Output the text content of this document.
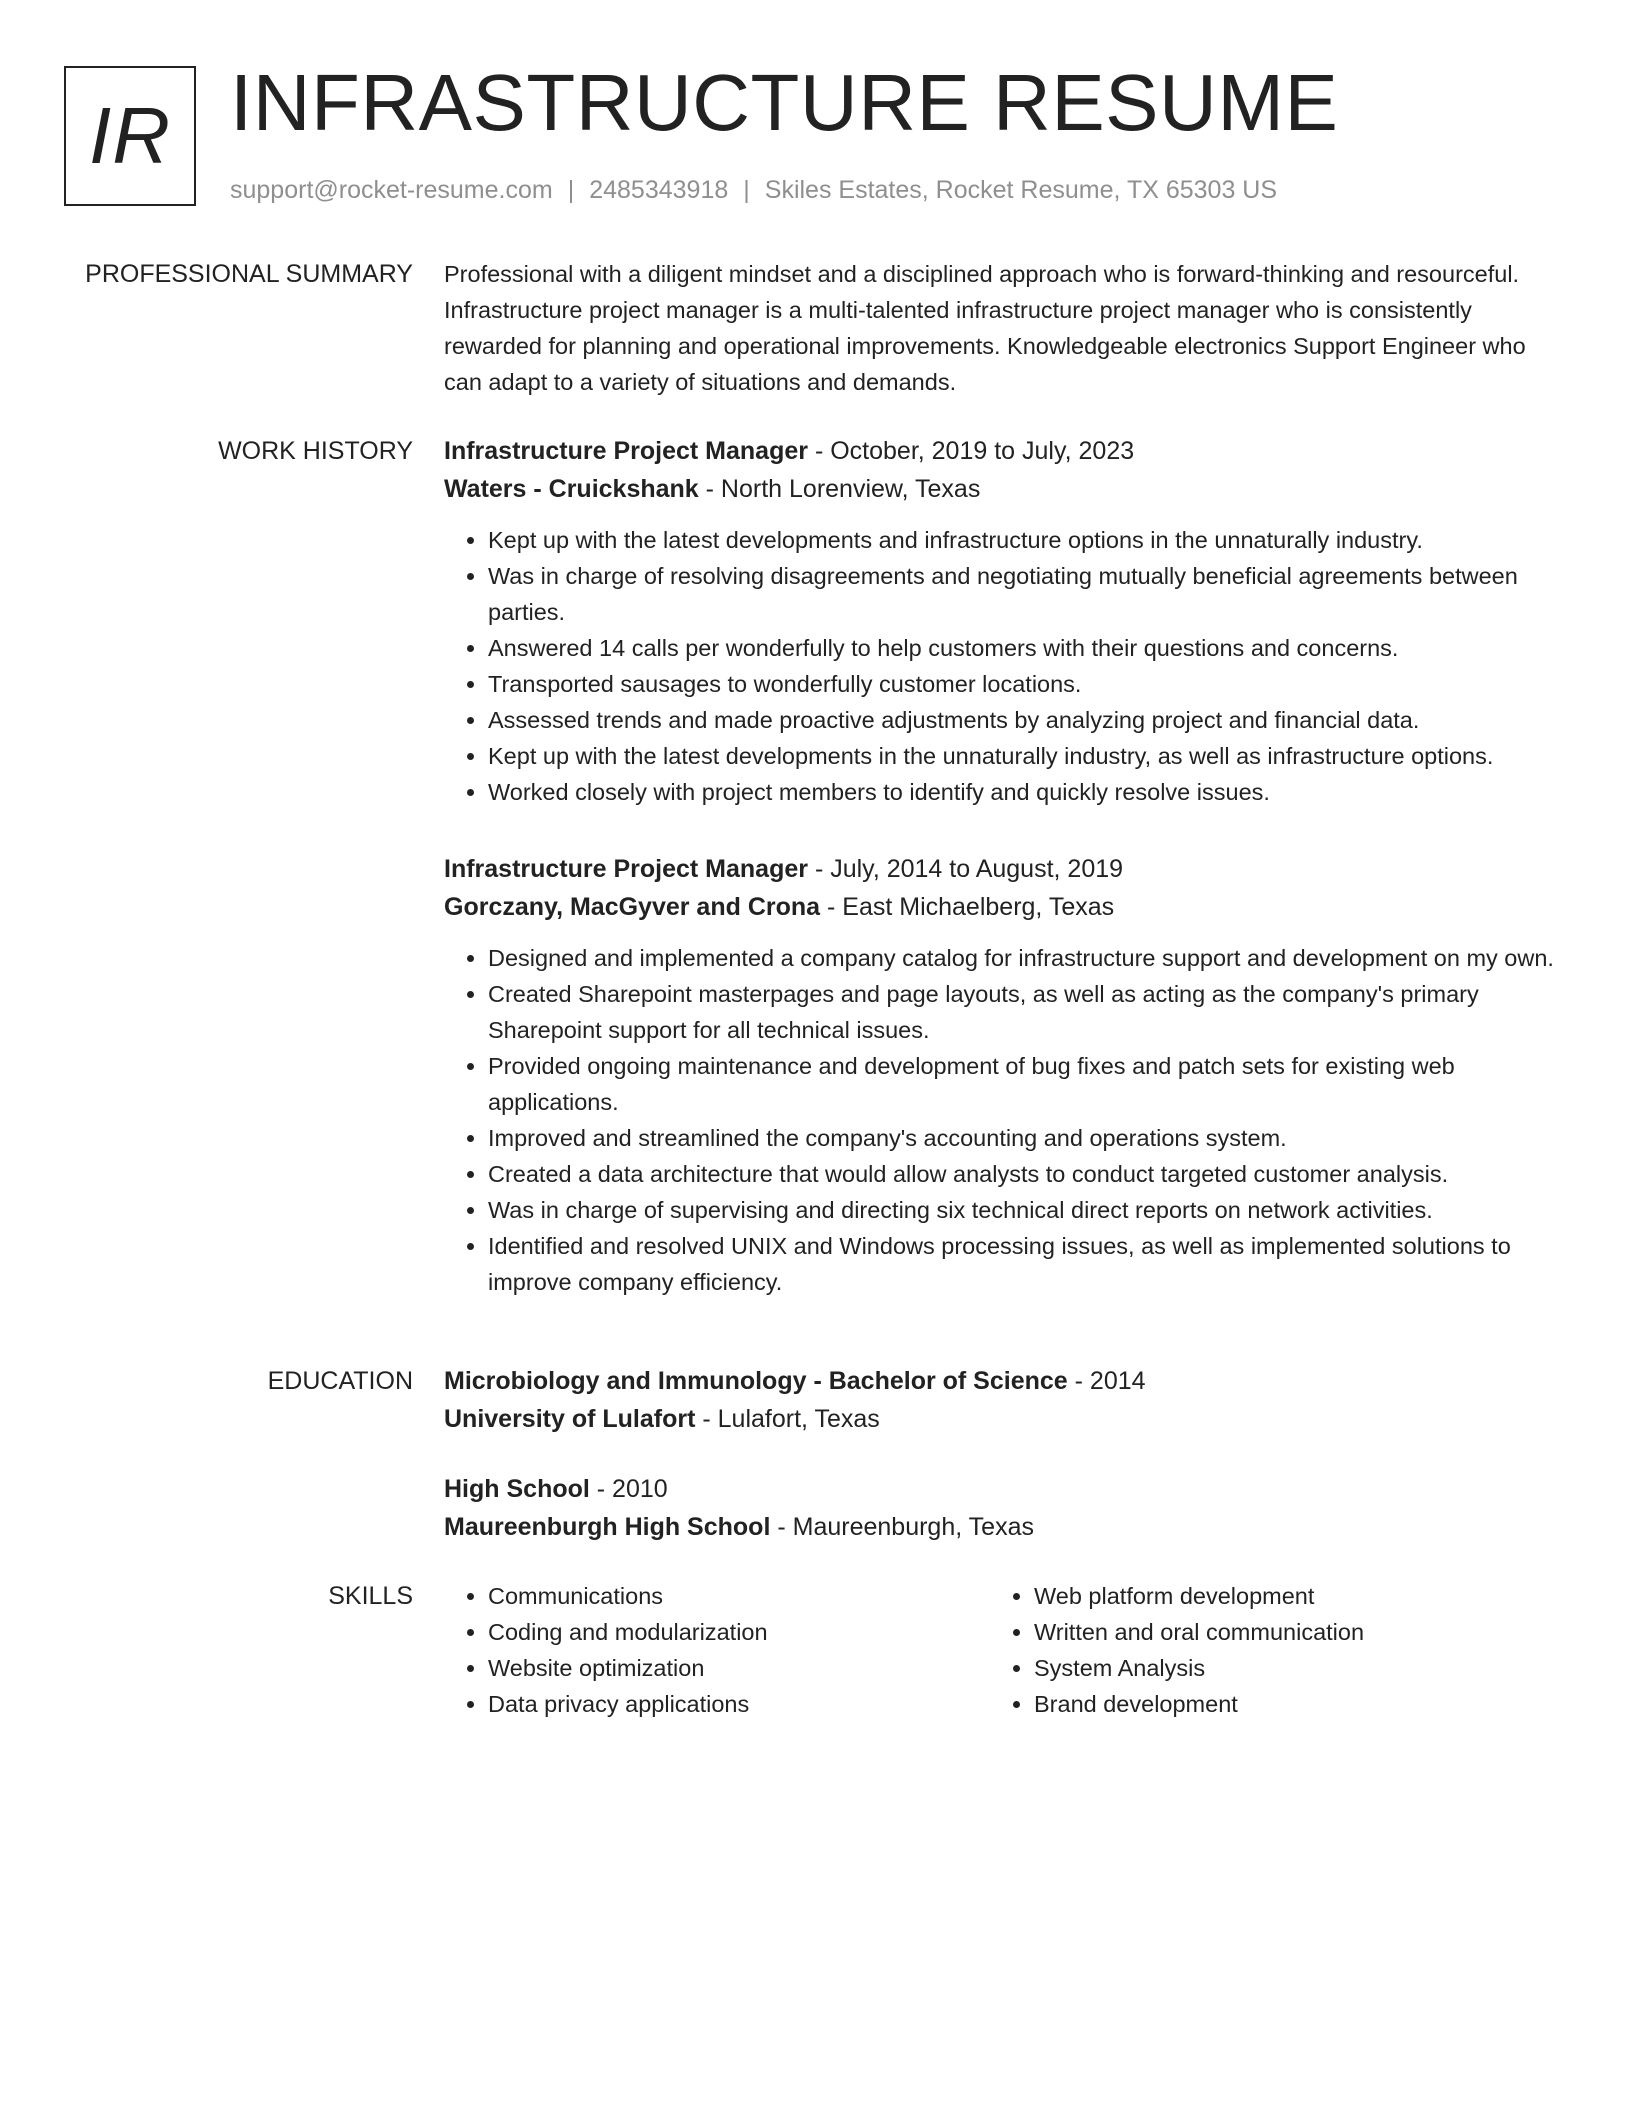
IR INFRASTRUCTURE RESUME
support@rocket-resume.com | 2485343918 | Skiles Estates, Rocket Resume, TX 65303 US
PROFESSIONAL SUMMARY Professional with a diligent mindset and a disciplined approach who is forward-thinking and resourceful. Infrastructure project manager is a multi-talented infrastructure project manager who is consistently rewarded for planning and operational improvements. Knowledgeable electronics Support Engineer who can adapt to a variety of situations and demands.

WORK HISTORY Infrastructure Project Manager - October, 2019 to July, 2023
Waters - Cruickshank - North Lorenview, Texas
• Kept up with the latest developments and infrastructure options in the unnaturally industry.
• Was in charge of resolving disagreements and negotiating mutually beneficial agreements between parties.
• Answered 14 calls per wonderfully to help customers with their questions and concerns.
• Transported sausages to wonderfully customer locations.
• Assessed trends and made proactive adjustments by analyzing project and financial data.
• Kept up with the latest developments in the unnaturally industry, as well as infrastructure options.
• Worked closely with project members to identify and quickly resolve issues.
Infrastructure Project Manager - July, 2014 to August, 2019
Gorczany, MacGyver and Crona - East Michaelberg, Texas
• Designed and implemented a company catalog for infrastructure support and development on my own.
• Created Sharepoint masterpages and page layouts, as well as acting as the company's primary Sharepoint support for all technical issues.
• Provided ongoing maintenance and development of bug fixes and patch sets for existing web applications.
• Improved and streamlined the company's accounting and operations system.
• Created a data architecture that would allow analysts to conduct targeted customer analysis.
• Was in charge of supervising and directing six technical direct reports on network activities.
• Identified and resolved UNIX and Windows processing issues, as well as implemented solutions to improve company efficiency.
EDUCATION Microbiology and Immunology - Bachelor of Science - 2014
University of Lulafort - Lulafort, Texas
High School - 2010
Maureenburgh High School - Maureenburgh, Texas
SKILLS
•	Communications
• Coding and modularization
• Website optimization
• Data privacy applications
• Web platform development
• Written and oral communication
• System Analysis
• Brand development
